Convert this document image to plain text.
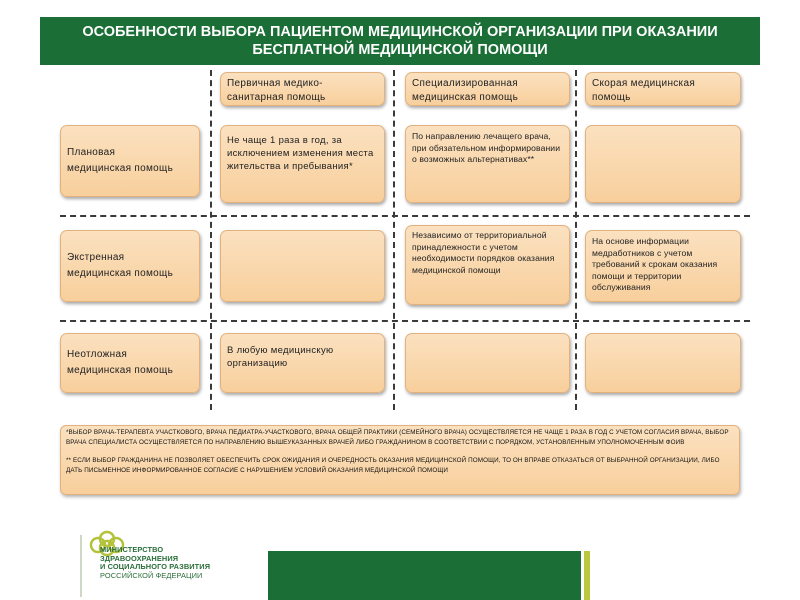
ОСОБЕННОСТИ ВЫБОРА ПАЦИЕНТОМ МЕДИЦИНСКОЙ ОРГАНИЗАЦИИ ПРИ ОКАЗАНИИ
БЕСПЛАТНОЙ МЕДИЦИНСКОЙ ПОМОЩИ
Первичная медико-
санитарная помощь
Специализированная
медицинская помощь
Скорая медицинская
помощь
Плановая
медицинская помощь
Не чаще 1 раза в год, за исключением изменения места жительства и пребывания*
По направлению лечащего врача, при обязательном информировании о возможных альтернативах**
Экстренная
медицинская помощь
Независимо от территориальной принадлежности с учетом необходимости порядков оказания медицинской помощи
На основе информации медработников с учетом требований к срокам оказания помощи и территории обслуживания
Неотложная
медицинская помощь
В любую медицинскую организацию

*ВЫБОР ВРАЧА-ТЕРАПЕВТА УЧАСТКОВОГО, ВРАЧА ПЕДИАТРА-УЧАСТКОВОГО, ВРАЧА ОБЩЕЙ ПРАКТИКИ (СЕМЕЙНОГО ВРАЧА) ОСУЩЕСТВЛЯЕТСЯ НЕ ЧАЩЕ 1 РАЗА В ГОД С УЧЕТОМ СОГЛАСИЯ ВРАЧА, ВЫБОР ВРАЧА СПЕЦИАЛИСТА ОСУЩЕСТВЛЯЕТСЯ ПО НАПРАВЛЕНИЮ ВЫШЕУКАЗАННЫХ ВРАЧЕЙ ЛИБО ГРАЖДАНИНОМ В СООТВЕТСТВИИ С ПОРЯДКОМ, УСТАНОВЛЕННЫМ УПОЛНОМОЧЕННЫМ ФОИВ

** ЕСЛИ ВЫБОР ГРАЖДАНИНА НЕ ПОЗВОЛЯЕТ ОБЕСПЕЧИТЬ СРОК ОЖИДАНИЯ И ОЧЕРЕДНОСТЬ ОКАЗАНИЯ МЕДИЦИНСКОЙ ПОМОЩИ, ТО ОН ВПРАВЕ ОТКАЗАТЬСЯ ОТ ВЫБРАННОЙ ОРГАНИЗАЦИИ, ЛИБО ДАТЬ ПИСЬМЕННОЕ ИНФОРМИРОВАННОЕ СОГЛАСИЕ С НАРУШЕНИЕМ УСЛОВИЙ ОКАЗАНИЯ МЕДИЦИНСКОЙ ПОМОЩИ

МИНИСТЕРСТВО
ЗДРАВООХРАНЕНИЯ
И СОЦИАЛЬНОГО РАЗВИТИЯ
РОССИЙСКОЙ ФЕДЕРАЦИИ
